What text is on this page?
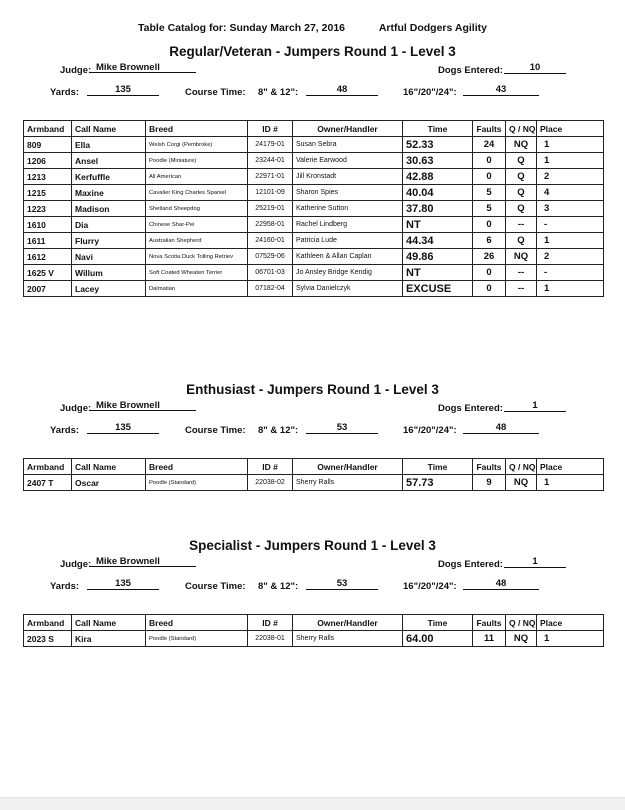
Table Catalog for: Sunday March 27, 2016	Artful Dodgers Agility
Regular/Veteran - Jumpers Round 1 - Level 3
Judge: Mike Brownell	Dogs Entered:	10
Yards:	135	Course Time: 8" & 12":	48	16"/20"/24":	43
Armband	Call Name	Breed	ID #	Owner/Handler	Time	Faults	Q / NQ	Place
809	Ella	Welsh Corgi (Pembroke)	24179-01	Susan Sebra	52.33	24	NQ	1
1206	Ansel	Poodle (Miniature)	23244-01	Valerie Earwood	30.63	0	Q	1
1213	Kerfuffle	All American	22971-01	Jill Kronstadt	42.88	0	Q	2
1215	Maxine	Cavalier King Charles Spaniel	12101-09	Sharon Spies	40.04	5	Q	4
1223	Madison	Shetland Sheepdog	25219-01	Katherine Sutton	37.80	5	Q	3
1610	Dia	Chinese Shar-Pei	22958-01	Rachel Lindberg	NT	0	--	-
1611	Flurry	Australian Shepherd	24160-01	Patricia Lude	44.34	6	Q	1
1612	Navi	Nova Scotia Duck Tolling Retriev	07529-06	Kathleen & Allan Caplan	49.86	26	NQ	2
1625 V	Willum	Soft Coated Wheaten Terrier	06701-03	Jo Ansley Bridge Kendig	NT	0	--	-
2007	Lacey	Dalmatian	07182-04	Sylvia Danielczyk	EXCUSE	0	--	1
Enthusiast - Jumpers Round 1 - Level 3
Judge: Mike Brownell	Dogs Entered:	1
Yards:	135	Course Time: 8" & 12":	53	16"/20"/24":	48
Armband	Call Name	Breed	ID #	Owner/Handler	Time	Faults	Q / NQ	Place
2407 T	Oscar	Poodle (Standard)	22038-02	Sherry Ralls	57.73	9	NQ	1
Specialist - Jumpers Round 1 - Level 3
Judge: Mike Brownell	Dogs Entered:	1
Yards:	135	Course Time: 8" & 12":	53	16"/20"/24":	48
Armband	Call Name	Breed	ID #	Owner/Handler	Time	Faults	Q / NQ	Place
2023 S	Kira	Poodle (Standard)	22038-01	Sherry Ralls	64.00	11	NQ	1
